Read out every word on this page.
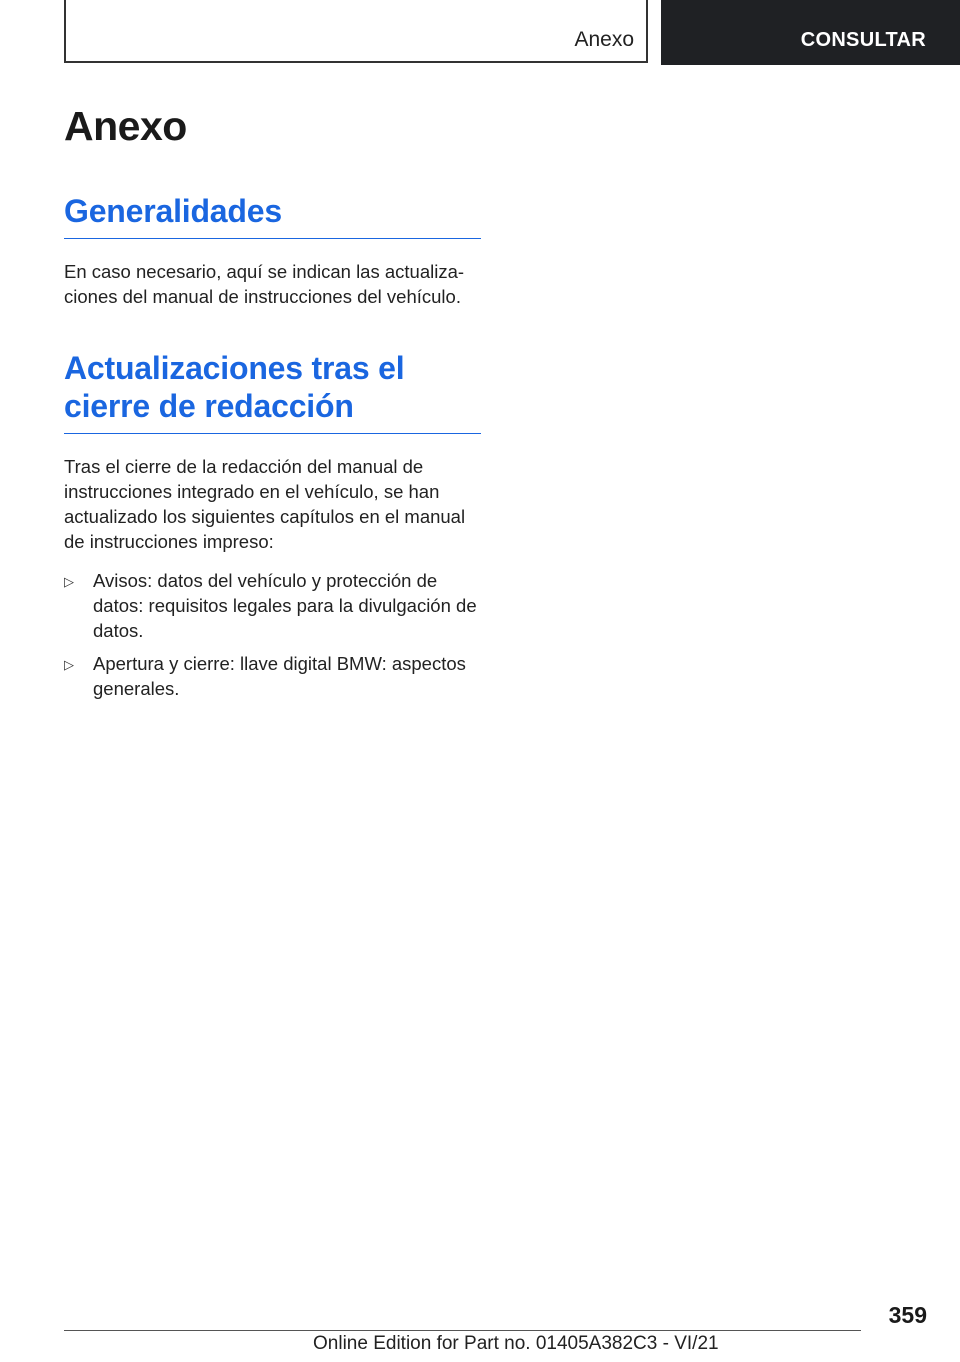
Anexo	CONSULTAR
Anexo
Generalidades

En caso necesario, aquí se indican las actualizaciones del manual de instrucciones del vehículo.

Actualizaciones tras el cierre de redacción

Tras el cierre de la redacción del manual de instrucciones integrado en el vehículo, se han actualizado los siguientes capítulos en el manual de instrucciones impreso:

▷ Avisos: datos del vehículo y protección de datos: requisitos legales para la divulgación de datos.
▷ Apertura y cierre: llave digital BMW: aspectos generales.
359
Online Edition for Part no. 01405A382C3 - VI/21
